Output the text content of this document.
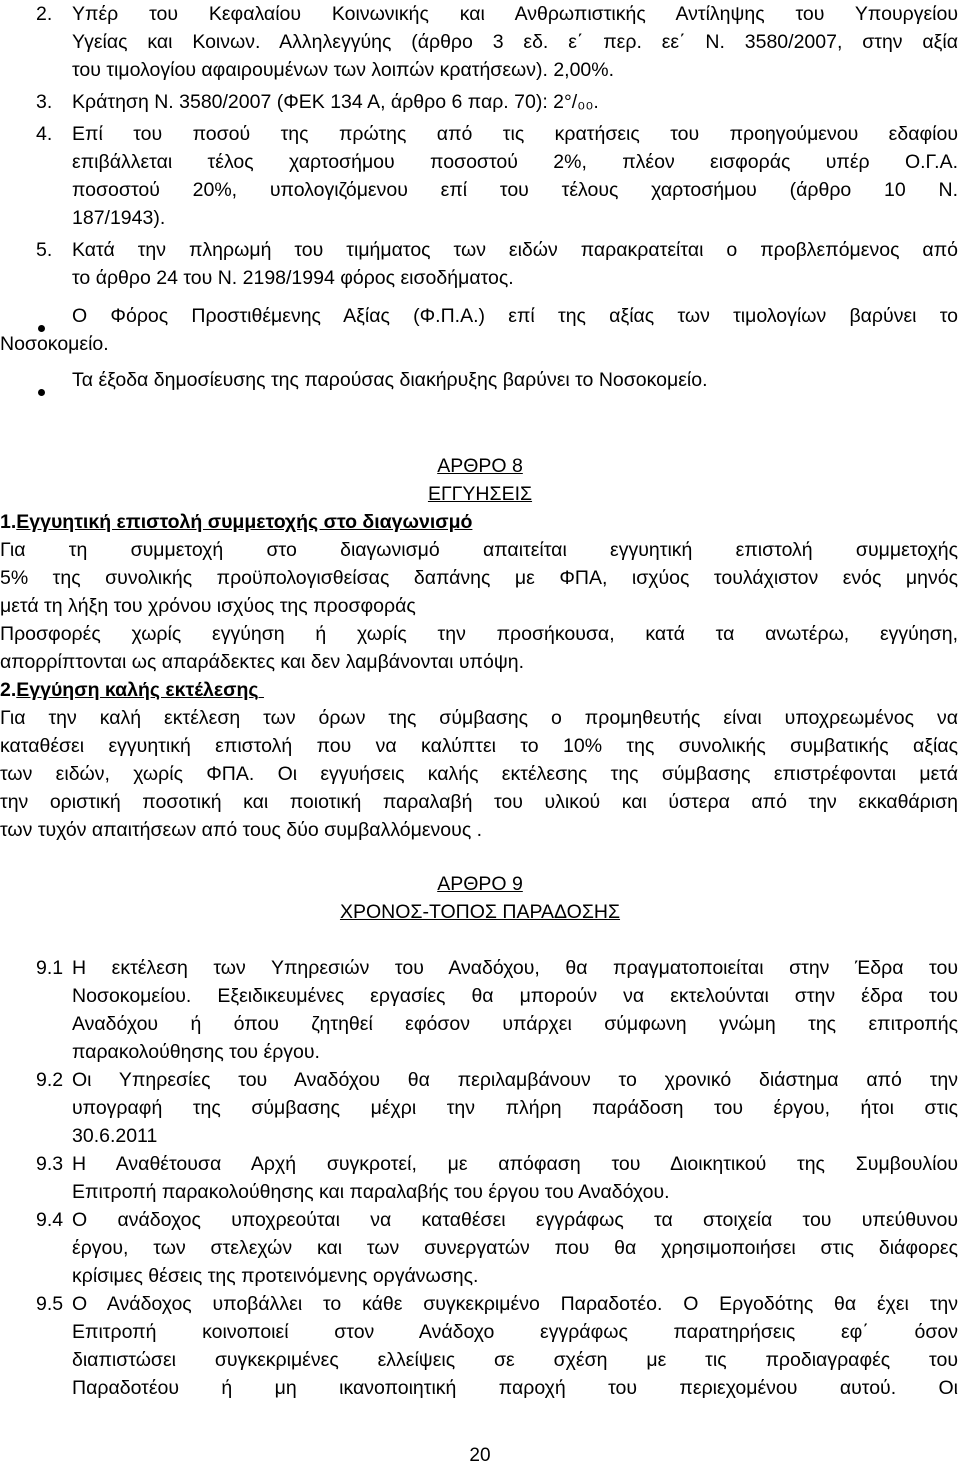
2. Υπέρ του Κεφαλαίου Κοινωνικής και Ανθρωπιστικής Αντίληψης του Υπουργείου
Υγείας και Κοινων. Αλληλεγγύης (άρθρο 3 εδ. ε΄ περ. εε΄ Ν. 3580/2007, στην αξία
του τιμολογίου αφαιρουμένων των λοιπών κρατήσεων). 2,00%.
3. Κράτηση Ν. 3580/2007 (ΦΕΚ 134 Α, άρθρο 6 παρ. 70): 2°/₀₀.
4. Επί του ποσού της πρώτης από τις κρατήσεις του προηγούμενου εδαφίου
επιβάλλεται τέλος χαρτοσήμου ποσοστού 2%, πλέον εισφοράς υπέρ Ο.Γ.Α.
ποσοστού 20%, υπολογιζόμενου επί του τέλους χαρτοσήμου (άρθρο 10 Ν.
187/1943).
5. Κατά την πληρωμή του τιμήματος των ειδών παρακρατείται ο προβλεπόμενος από
το άρθρο 24 του Ν. 2198/1994 φόρος εισοδήματος.
Ο Φόρος Προστιθέμενης Αξίας (Φ.Π.Α.) επί της αξίας των τιμολογίων βαρύνει το
Νοσοκομείο.
Τα έξοδα δημοσίευσης της παρούσας διακήρυξης βαρύνει το Νοσοκομείο.
ΑΡΘΡΟ 8
ΕΓΓΥΗΣΕΙΣ
1.Εγγυητική επιστολή συμμετοχής στο διαγωνισμό
Για τη συμμετοχή στο διαγωνισμό απαιτείται εγγυητική επιστολή συμμετοχής
5% της συνολικής προϋπολογισθείσας δαπάνης με ΦΠΑ, ισχύος τουλάχιστον ενός μηνός
μετά τη λήξη του χρόνου ισχύος της προσφοράς
Προσφορές χωρίς εγγύηση ή χωρίς την προσήκουσα, κατά τα ανωτέρω, εγγύηση,
απορρίπτονται ως απαράδεκτες και δεν λαμβάνονται υπόψη.
2.Εγγύηση καλής εκτέλεσης
Για την καλή εκτέλεση των όρων της σύμβασης ο προμηθευτής είναι υποχρεωμένος να
καταθέσει εγγυητική επιστολή που να καλύπτει το 10% της συνολικής συμβατικής αξίας
των ειδών, χωρίς ΦΠΑ. Οι εγγυήσεις καλής εκτέλεσης της σύμβασης επιστρέφονται μετά
την οριστική ποσοτική και ποιοτική παραλαβή του υλικού και ύστερα από την εκκαθάριση
των τυχόν απαιτήσεων από τους δύο συμβαλλόμενους .
ΑΡΘΡΟ 9
ΧΡΟΝΟΣ-ΤΟΠΟΣ ΠΑΡΑΔΟΣΗΣ
9.1 Η εκτέλεση των Υπηρεσιών του Αναδόχου, θα πραγματοποιείται στην Έδρα του
Νοσοκομείου. Εξειδικευμένες εργασίες θα μπορούν να εκτελούνται στην έδρα του
Αναδόχου ή όπου ζητηθεί εφόσον υπάρχει σύμφωνη γνώμη της επιτροπής
παρακολούθησης του έργου.
9.2 Οι Υπηρεσίες του Αναδόχου θα περιλαμβάνουν το χρονικό διάστημα από την
υπογραφή της σύμβασης μέχρι την πλήρη παράδοση του έργου, ήτοι στις
30.6.2011
9.3 Η Αναθέτουσα Αρχή συγκροτεί, με απόφαση του Διοικητικού της Συμβουλίου
Επιτροπή παρακολούθησης και παραλαβής του έργου του Αναδόχου.
9.4 Ο ανάδοχος υποχρεούται να καταθέσει εγγράφως τα στοιχεία του υπεύθυνου
έργου, των στελεχών και των συνεργατών που θα χρησιμοποιήσει στις διάφορες
κρίσιμες θέσεις της προτεινόμενης οργάνωσης.
9.5 Ο Ανάδοχος υποβάλλει το κάθε συγκεκριμένο Παραδοτέο. Ο Εργοδότης θα έχει την
Επιτροπή κοινοποιεί στον Ανάδοχο εγγράφως παρατηρήσεις εφ΄ όσον
διαπιστώσει συγκεκριμένες ελλείψεις σε σχέση με τις προδιαγραφές του
Παραδοτέου ή μη ικανοποιητική παροχή του περιεχομένου αυτού. Οι
20
